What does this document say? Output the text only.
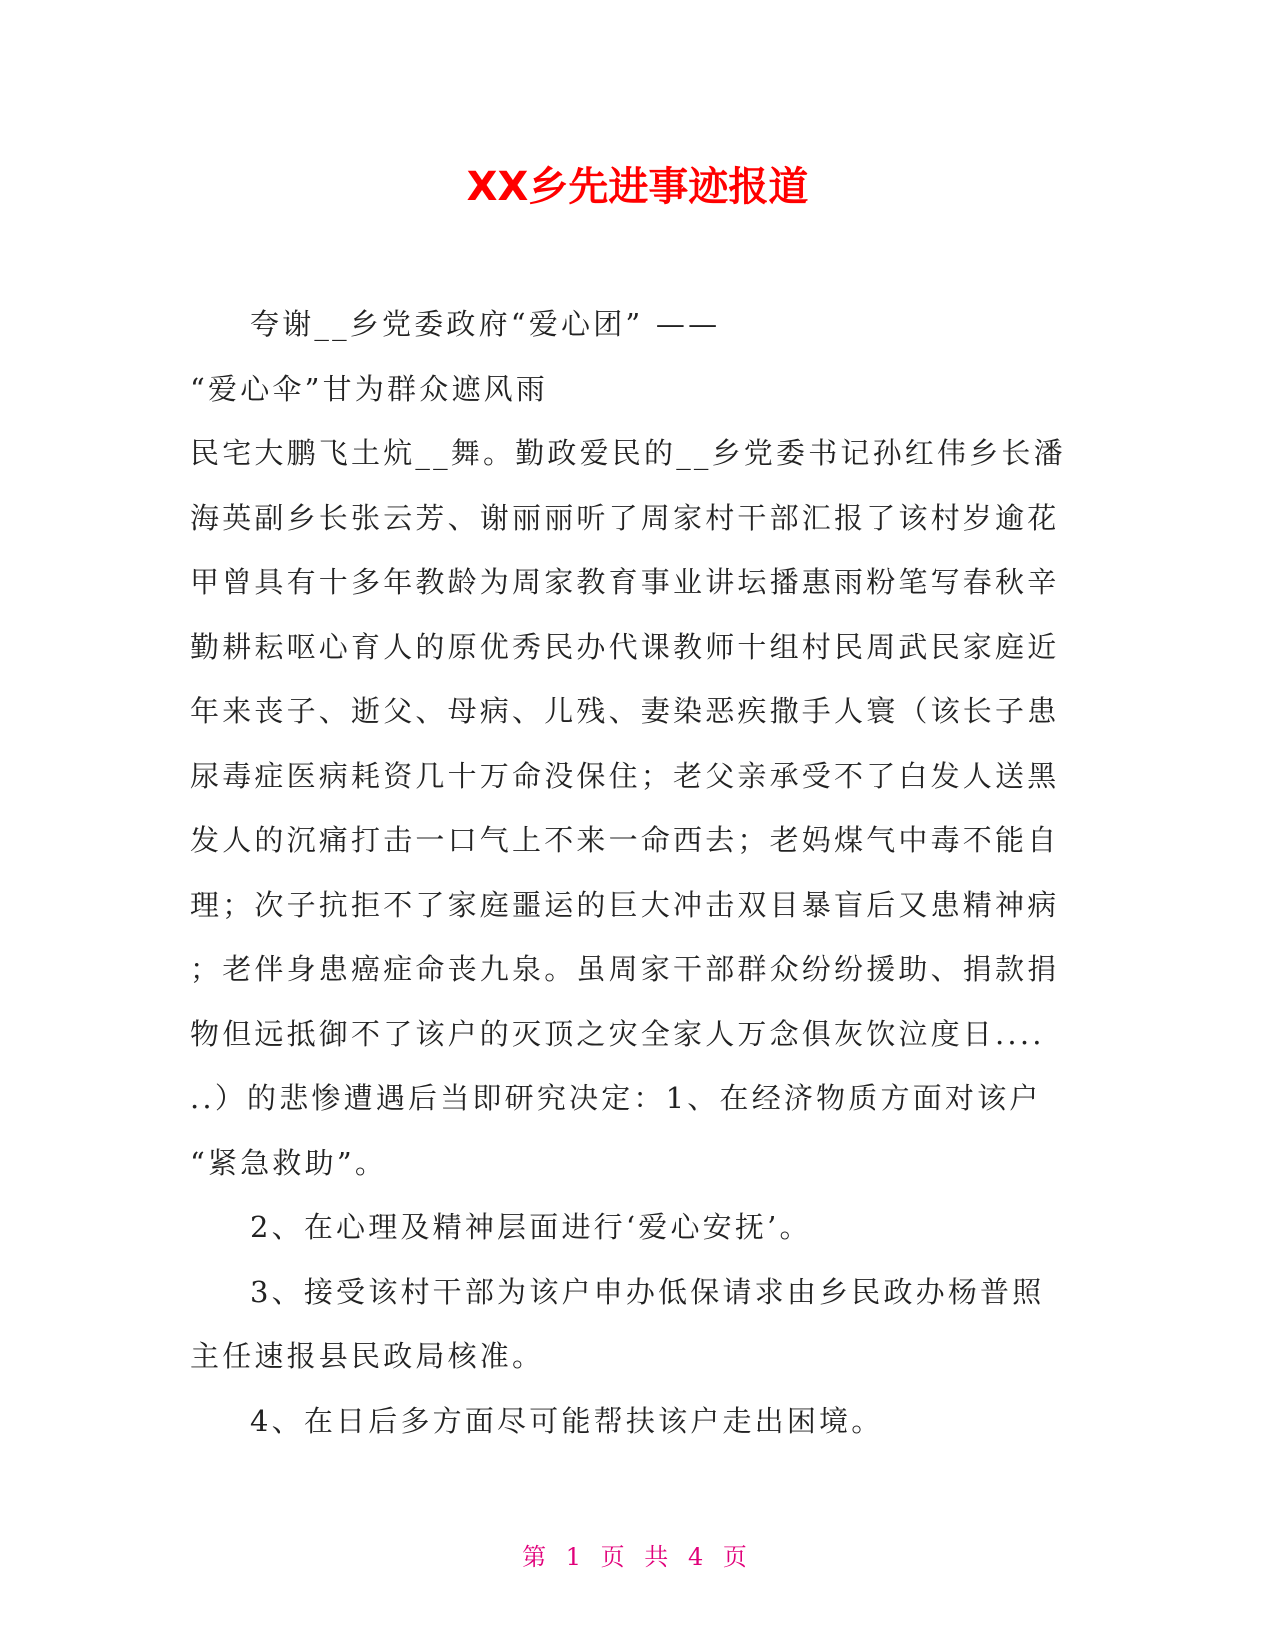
XX乡先进事迹报道
夸谢__乡党委政府“爱心团” ——
“爱心伞”甘为群众遮风雨
民宅大鹏飞土炕__舞。勤政爱民的__乡党委书记孙红伟乡长潘
海英副乡长张云芳、谢丽丽听了周家村干部汇报了该村岁逾花
甲曾具有十多年教龄为周家教育事业讲坛播惠雨粉笔写春秋辛
勤耕耘呕心育人的原优秀民办代课教师十组村民周武民家庭近
年来丧子、逝父、母病、儿残、妻染恶疾撒手人寰（该长子患
尿毒症医病耗资几十万命没保住；老父亲承受不了白发人送黑
发人的沉痛打击一口气上不来一命西去；老妈煤气中毒不能自
理；次子抗拒不了家庭噩运的巨大冲击双目暴盲后又患精神病
；老伴身患癌症命丧九泉。虽周家干部群众纷纷援助、捐款捐
物但远抵御不了该户的灭顶之灾全家人万念俱灰饮泣度日....
..）的悲惨遭遇后当即研究决定：1、在经济物质方面对该户
“紧急救助”。
2、在心理及精神层面进行‘爱心安抚’。
3、接受该村干部为该户申办低保请求由乡民政办杨普照
主任速报县民政局核准。
4、在日后多方面尽可能帮扶该户走出困境。
第 1 页 共 4 页
